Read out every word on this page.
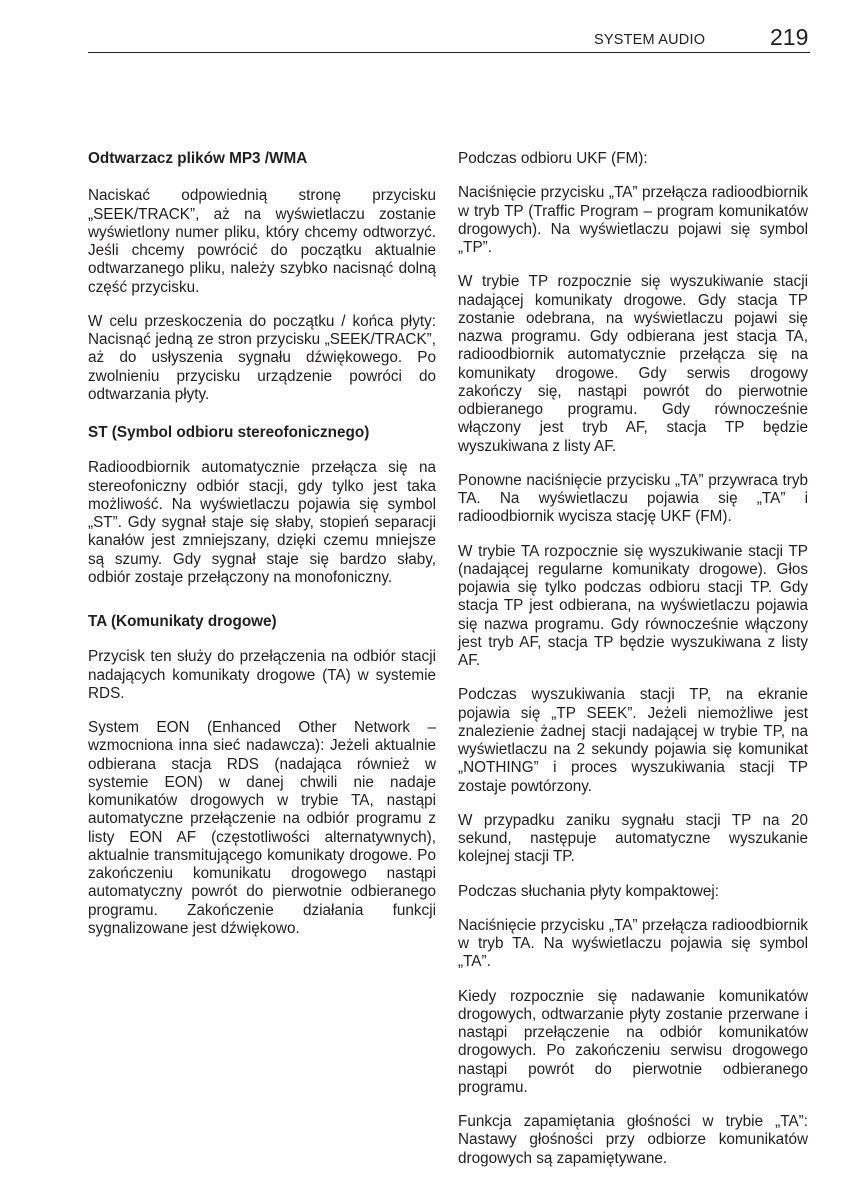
SYSTEM AUDIO	219
Odtwarzacz plików MP3 /WMA

Naciskać odpowiednią stronę przycisku „SEEK/TRACK”, aż na wyświetlaczu zostanie wyświetlony numer pliku, który chcemy odtworzyć. Jeśli chcemy powrócić do początku aktualnie odtwarzanego pliku, należy szybko nacisnąć dolną część przycisku.

W celu przeskoczenia do początku / końca płyty: Nacisnąć jedną ze stron przycisku „SEEK/TRACK”, aż do usłyszenia sygnału dźwiękowego. Po zwolnieniu przycisku urządzenie powróci do odtwarzania płyty.

ST (Symbol odbioru stereofonicznego)

Radioodbiornik automatycznie przełącza się na stereofoniczny odbiór stacji, gdy tylko jest taka możliwość. Na wyświetlaczu pojawia się symbol „ST”. Gdy sygnał staje się słaby, stopień separacji kanałów jest zmniejszany, dzięki czemu mniejsze są szumy. Gdy sygnał staje się bardzo słaby, odbiór zostaje przełączony na monofoniczny.

TA (Komunikaty drogowe)

Przycisk ten służy do przełączenia na odbiór stacji nadających komunikaty drogowe (TA) w systemie RDS.

System EON (Enhanced Other Network – wzmocniona inna sieć nadawcza): Jeżeli aktualnie odbierana stacja RDS (nadająca również w systemie EON) w danej chwili nie nadaje komunikatów drogowych w trybie TA, nastąpi automatyczne przełączenie na odbiór programu z listy EON AF (częstotliwości alternatywnych), aktualnie transmitującego komunikaty drogowe. Po zakończeniu komunikatu drogowego nastąpi automatyczny powrót do pierwotnie odbieranego programu. Zakończenie działania funkcji sygnalizowane jest dźwiękowo.

Podczas odbioru UKF (FM):

Naciśnięcie przycisku „TA” przełącza radioodbiornik w tryb TP (Traffic Program – program komunikatów drogowych). Na wyświetlaczu pojawi się symbol „TP”.

W trybie TP rozpocznie się wyszukiwanie stacji nadającej komunikaty drogowe. Gdy stacja TP zostanie odebrana, na wyświetlaczu pojawi się nazwa programu. Gdy odbierana jest stacja TA, radioodbiornik automatycznie przełącza się na komunikaty drogowe. Gdy serwis drogowy zakończy się, nastąpi powrót do pierwotnie odbieranego programu. Gdy równocześnie włączony jest tryb AF, stacja TP będzie wyszukiwana z listy AF.

Ponowne naciśnięcie przycisku „TA” przywraca tryb TA. Na wyświetlaczu pojawia się „TA” i radioodbiornik wycisza stację UKF (FM).

W trybie TA rozpocznie się wyszukiwanie stacji TP (nadającej regularne komunikaty drogowe). Głos pojawia się tylko podczas odbioru stacji TP. Gdy stacja TP jest odbierana, na wyświetlaczu pojawia się nazwa programu. Gdy równocześnie włączony jest tryb AF, stacja TP będzie wyszukiwana z listy AF.

Podczas wyszukiwania stacji TP, na ekranie pojawia się „TP SEEK”. Jeżeli niemożliwe jest znalezienie żadnej stacji nadającej w trybie TP, na wyświetlaczu na 2 sekundy pojawia się komunikat „NOTHING” i proces wyszukiwania stacji TP zostaje powtórzony.

W przypadku zaniku sygnału stacji TP na 20 sekund, następuje automatyczne wyszukanie kolejnej stacji TP.

Podczas słuchania płyty kompaktowej:

Naciśnięcie przycisku „TA” przełącza radioodbiornik w tryb TA. Na wyświetlaczu pojawia się symbol „TA”.

Kiedy rozpocznie się nadawanie komunikatów drogowych, odtwarzanie płyty zostanie przerwane i nastąpi przełączenie na odbiór komunikatów drogowych. Po zakończeniu serwisu drogowego nastąpi powrót do pierwotnie odbieranego programu.

Funkcja zapamiętania głośności w trybie „TA”: Nastawy głośności przy odbiorze komunikatów drogowych są zapamiętywane.
